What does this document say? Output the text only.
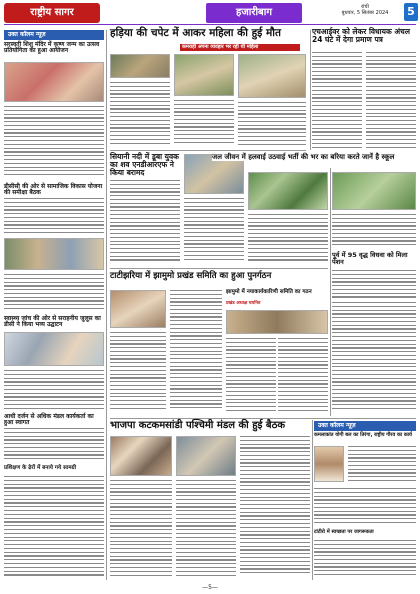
राष्ट्रीय सागर	हजारीबाग	रांची
बुधवार, 5 सितंबर 2024	5
उक्त कॉलम न्यूज़
सरस्वती शिशु मंदिर में कृष्ण जन्म का उत्सव प्रतियोगिता का हुआ आयोजन
डीसीसी की ओर से सामाजिक विकास योजना की समीक्षा बैठक
स्वास्थ्य जांच की ओर से सराहनीय जुलूस का डीसी ने किया भव्य उद्घाटन
आधी दर्जन से अधिक मंडल कार्यकर्ता का हुआ स्वागत
प्रशिक्षण के ढेरों में बनाये गये सामग्री
हड़िया की चपेट में आकर महिला की हुई मौत
कमराही अपना व्यवहार भर रही थी महिला
सियानी नदी में डूबा युवक का शव एनडीआरएफ ने किया बरामद
जल जीवन में हलवाई उठवाई भर्ती की भर का बरिया करते जानें है स्कूल
पूर्व में 95 वृद्ध विधवा को मिला पेंशन
टाटीझरिया में झामुमो प्रखंड समिति का हुआ पुनर्गठन
झामुमो में नयाकार्यकारिणी समिति का गठन
प्रखंड अध्यक्ष चयनित
एचआईवर को लेकर विधायक अंचल 24 घंटे में देगा प्रमाण पत्र
भाजपा कटकमसांडी पश्चिमी मंडल की हुई बैठक	उक्त कॉलम न्यूज़
कमलाकांत योगी बल का तिरंगा, राष्ट्रीय गौरव का कार्य
टांटीरो में स्वच्छता पर जागरूकता
—5—
